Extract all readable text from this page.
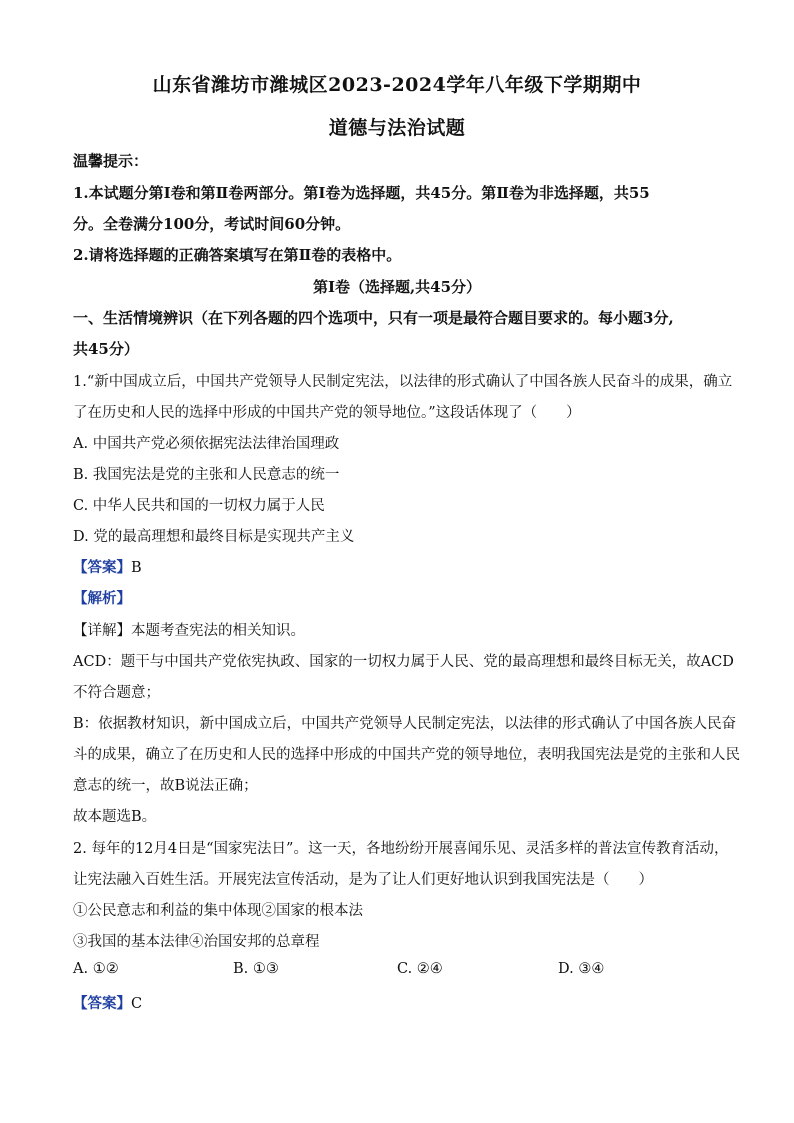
山东省潍坊市潍城区2023-2024学年八年级下学期期中
道德与法治试题
温馨提示：
1.本试题分第Ⅰ卷和第Ⅱ卷两部分。第Ⅰ卷为选择题，共45分。第Ⅱ卷为非选择题，共55
分。全卷满分100分，考试时间60分钟。
2.请将选择题的正确答案填写在第Ⅱ卷的表格中。
第Ⅰ卷（选择题,共45分）
一、生活情境辨识（在下列各题的四个选项中，只有一项是最符合题目要求的。每小题3分,
共45分）
1.“新中国成立后，中国共产党领导人民制定宪法，以法律的形式确认了中国各族人民奋斗的成果，确立
了在历史和人民的选择中形成的中国共产党的领导地位。”这段话体现了（　　）
A. 中国共产党必须依据宪法法律治国理政
B. 我国宪法是党的主张和人民意志的统一
C. 中华人民共和国的一切权力属于人民
D. 党的最高理想和最终目标是实现共产主义
【答案】B
【解析】
【详解】本题考查宪法的相关知识。
ACD：题干与中国共产党依宪执政、国家的一切权力属于人民、党的最高理想和最终目标无关，故ACD
不符合题意；
B：依据教材知识，新中国成立后，中国共产党领导人民制定宪法，以法律的形式确认了中国各族人民奋
斗的成果，确立了在历史和人民的选择中形成的中国共产党的领导地位，表明我国宪法是党的主张和人民
意志的统一，故B说法正确；
故本题选B。
2. 每年的12月4日是“国家宪法日”。这一天，各地纷纷开展喜闻乐见、灵活多样的普法宣传教育活动，
让宪法融入百姓生活。开展宪法宣传活动，是为了让人们更好地认识到我国宪法是（　　）
①公民意志和利益的集中体现②国家的根本法
③我国的基本法律④治国安邦的总章程
A. ①②	B. ①③	C. ②④	D. ③④
【答案】C
